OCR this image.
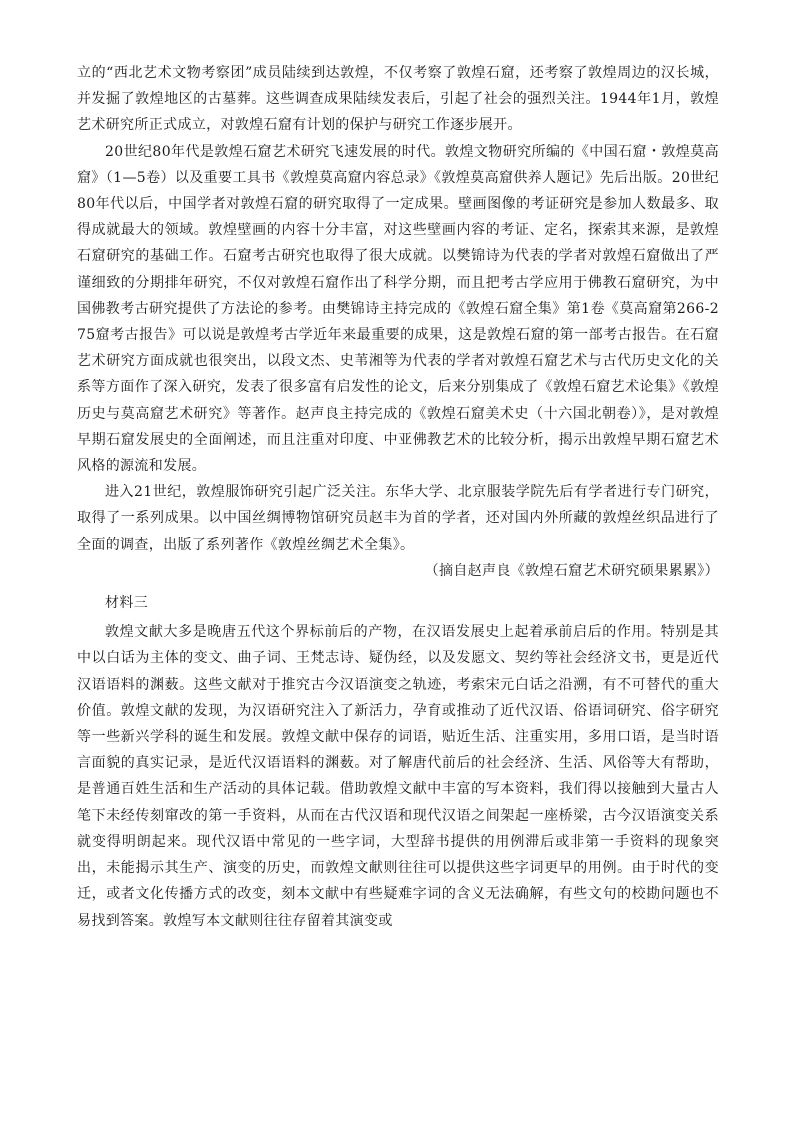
立的“西北艺术文物考察团”成员陆续到达敦煌，不仅考察了敦煌石窟，还考察了敦煌周边的汉长城，并发掘了敦煌地区的古墓葬。这些调查成果陆续发表后，引起了社会的强烈关注。1944年1月，敦煌艺术研究所正式成立，对敦煌石窟有计划的保护与研究工作逐步展开。

20世纪80年代是敦煌石窟艺术研究飞速发展的时代。敦煌文物研究所编的《中国石窟・敦煌莫高窟》（1—5卷）以及重要工具书《敦煌莫高窟内容总录》《敦煌莫高窟供养人题记》先后出版。20世纪80年代以后，中国学者对敦煌石窟的研究取得了一定成果。壁画图像的考证研究是参加人数最多、取得成就最大的领域。敦煌壁画的内容十分丰富，对这些壁画内容的考证、定名，探索其来源，是敦煌石窟研究的基础工作。石窟考古研究也取得了很大成就。以樊锦诗为代表的学者对敦煌石窟做出了严谨细致的分期排年研究，不仅对敦煌石窟作出了科学分期，而且把考古学应用于佛教石窟研究，为中国佛教考古研究提供了方法论的参考。由樊锦诗主持完成的《敦煌石窟全集》第1卷《莫高窟第266-275窟考古报告》可以说是敦煌考古学近年来最重要的成果，这是敦煌石窟的第一部考古报告。在石窟艺术研究方面成就也很突出，以段文杰、史苇湘等为代表的学者对敦煌石窟艺术与古代历史文化的关系等方面作了深入研究，发表了很多富有启发性的论文，后来分别集成了《敦煌石窟艺术论集》《敦煌历史与莫高窟艺术研究》等著作。赵声良主持完成的《敦煌石窟美术史（十六国北朝卷）》，是对敦煌早期石窟发展史的全面阐述，而且注重对印度、中亚佛教艺术的比较分析，揭示出敦煌早期石窟艺术风格的源流和发展。

进入21世纪，敦煌服饰研究引起广泛关注。东华大学、北京服装学院先后有学者进行专门研究，取得了一系列成果。以中国丝绸博物馆研究员赵丰为首的学者，还对国内外所藏的敦煌丝织品进行了全面的调查，出版了系列著作《敦煌丝绸艺术全集》。

（摘自赵声良《敦煌石窟艺术研究硕果累累》）

材料三

敦煌文献大多是晚唐五代这个界标前后的产物，在汉语发展史上起着承前启后的作用。特别是其中以白话为主体的变文、曲子词、王梵志诗、疑伪经，以及发愿文、契约等社会经济文书，更是近代汉语语料的渊薮。这些文献对于推究古今汉语演变之轨迹，考索宋元白话之沿溯，有不可替代的重大价值。敦煌文献的发现，为汉语研究注入了新活力，孕育或推动了近代汉语、俗语词研究、俗字研究等一些新兴学科的诞生和发展。敦煌文献中保存的词语，贴近生活、注重实用，多用口语，是当时语言面貌的真实记录，是近代汉语语料的渊薮。对了解唐代前后的社会经济、生活、风俗等大有帮助，是普通百姓生活和生产活动的具体记载。借助敦煌文献中丰富的写本资料，我们得以接触到大量古人笔下未经传刻窜改的第一手资料，从而在古代汉语和现代汉语之间架起一座桥梁，古今汉语演变关系就变得明朗起来。现代汉语中常见的一些字词，大型辞书提供的用例滞后或非第一手资料的现象突出，未能揭示其生产、演变的历史，而敦煌文献则往往可以提供这些字词更早的用例。由于时代的变迁，或者文化传播方式的改变，刻本文献中有些疑难字词的含义无法确解，有些文句的校勘问题也不易找到答案。敦煌写本文献则往往存留着其演变或
